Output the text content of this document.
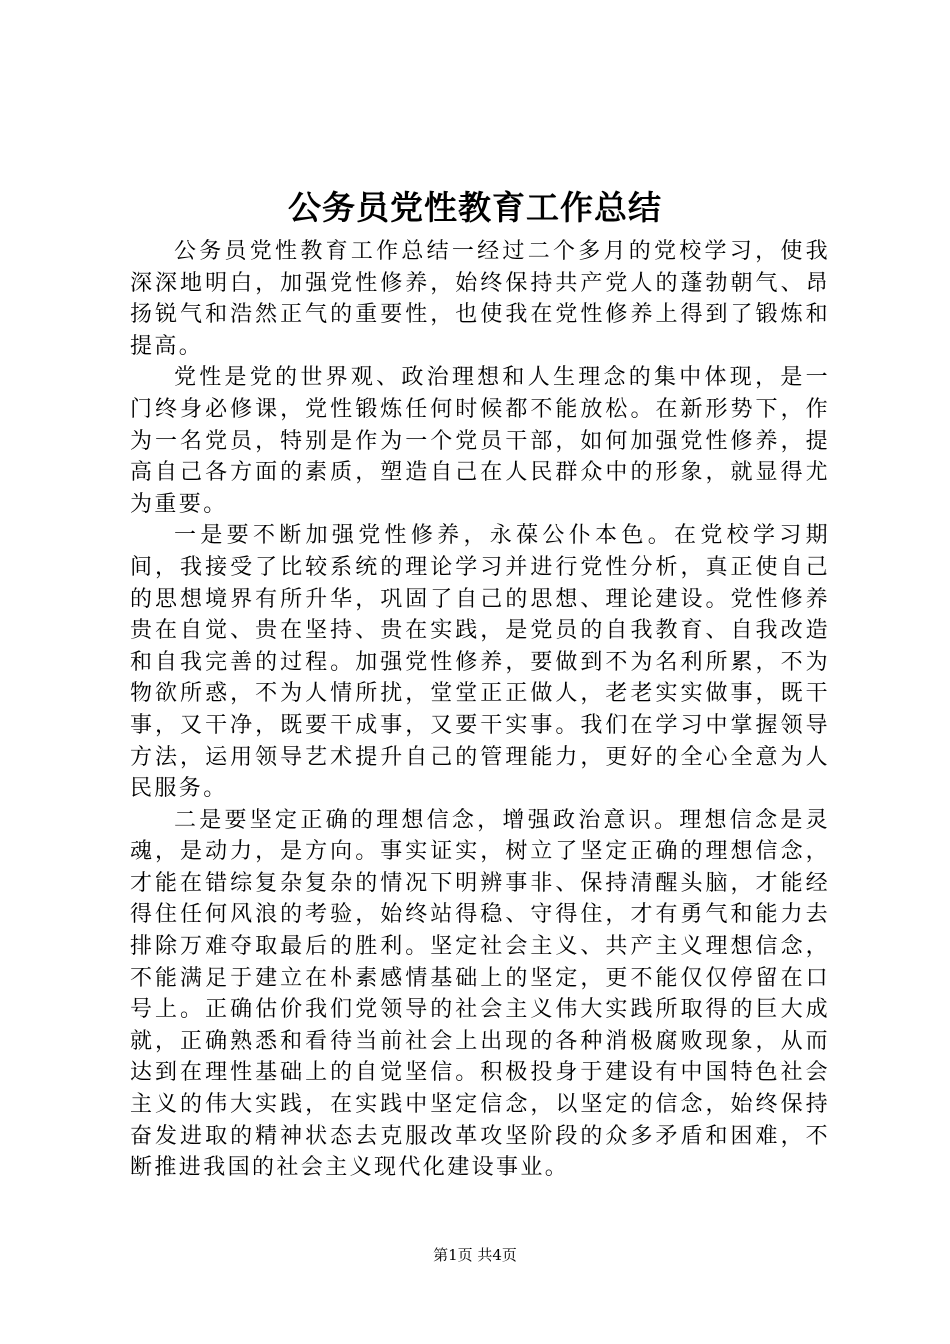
公务员党性教育工作总结

公务员党性教育工作总结一经过二个多月的党校学习，使我深深地明白，加强党性修养，始终保持共产党人的蓬勃朝气、昂扬锐气和浩然正气的重要性，也使我在党性修养上得到了锻炼和提高。

党性是党的世界观、政治理想和人生理念的集中体现，是一门终身必修课，党性锻炼任何时候都不能放松。在新形势下，作为一名党员，特别是作为一个党员干部，如何加强党性修养，提高自己各方面的素质，塑造自己在人民群众中的形象，就显得尤为重要。

一是要不断加强党性修养，永葆公仆本色。在党校学习期间，我接受了比较系统的理论学习并进行党性分析，真正使自己的思想境界有所升华，巩固了自己的思想、理论建设。党性修养贵在自觉、贵在坚持、贵在实践，是党员的自我教育、自我改造和自我完善的过程。加强党性修养，要做到不为名利所累，不为物欲所惑，不为人情所扰，堂堂正正做人，老老实实做事，既干事，又干净，既要干成事，又要干实事。我们在学习中掌握领导方法，运用领导艺术提升自己的管理能力，更好的全心全意为人民服务。

二是要坚定正确的理想信念，增强政治意识。理想信念是灵魂，是动力，是方向。事实证实，树立了坚定正确的理想信念，才能在错综复杂复杂的情况下明辨事非、保持清醒头脑，才能经得住任何风浪的考验，始终站得稳、守得住，才有勇气和能力去排除万难夺取最后的胜利。坚定社会主义、共产主义理想信念，不能满足于建立在朴素感情基础上的坚定，更不能仅仅停留在口号上。正确估价我们党领导的社会主义伟大实践所取得的巨大成就，正确熟悉和看待当前社会上出现的各种消极腐败现象，从而达到在理性基础上的自觉坚信。积极投身于建设有中国特色社会主义的伟大实践，在实践中坚定信念，以坚定的信念，始终保持奋发进取的精神状态去克服改革攻坚阶段的众多矛盾和困难，不断推进我国的社会主义现代化建设事业。

第1页 共4页
